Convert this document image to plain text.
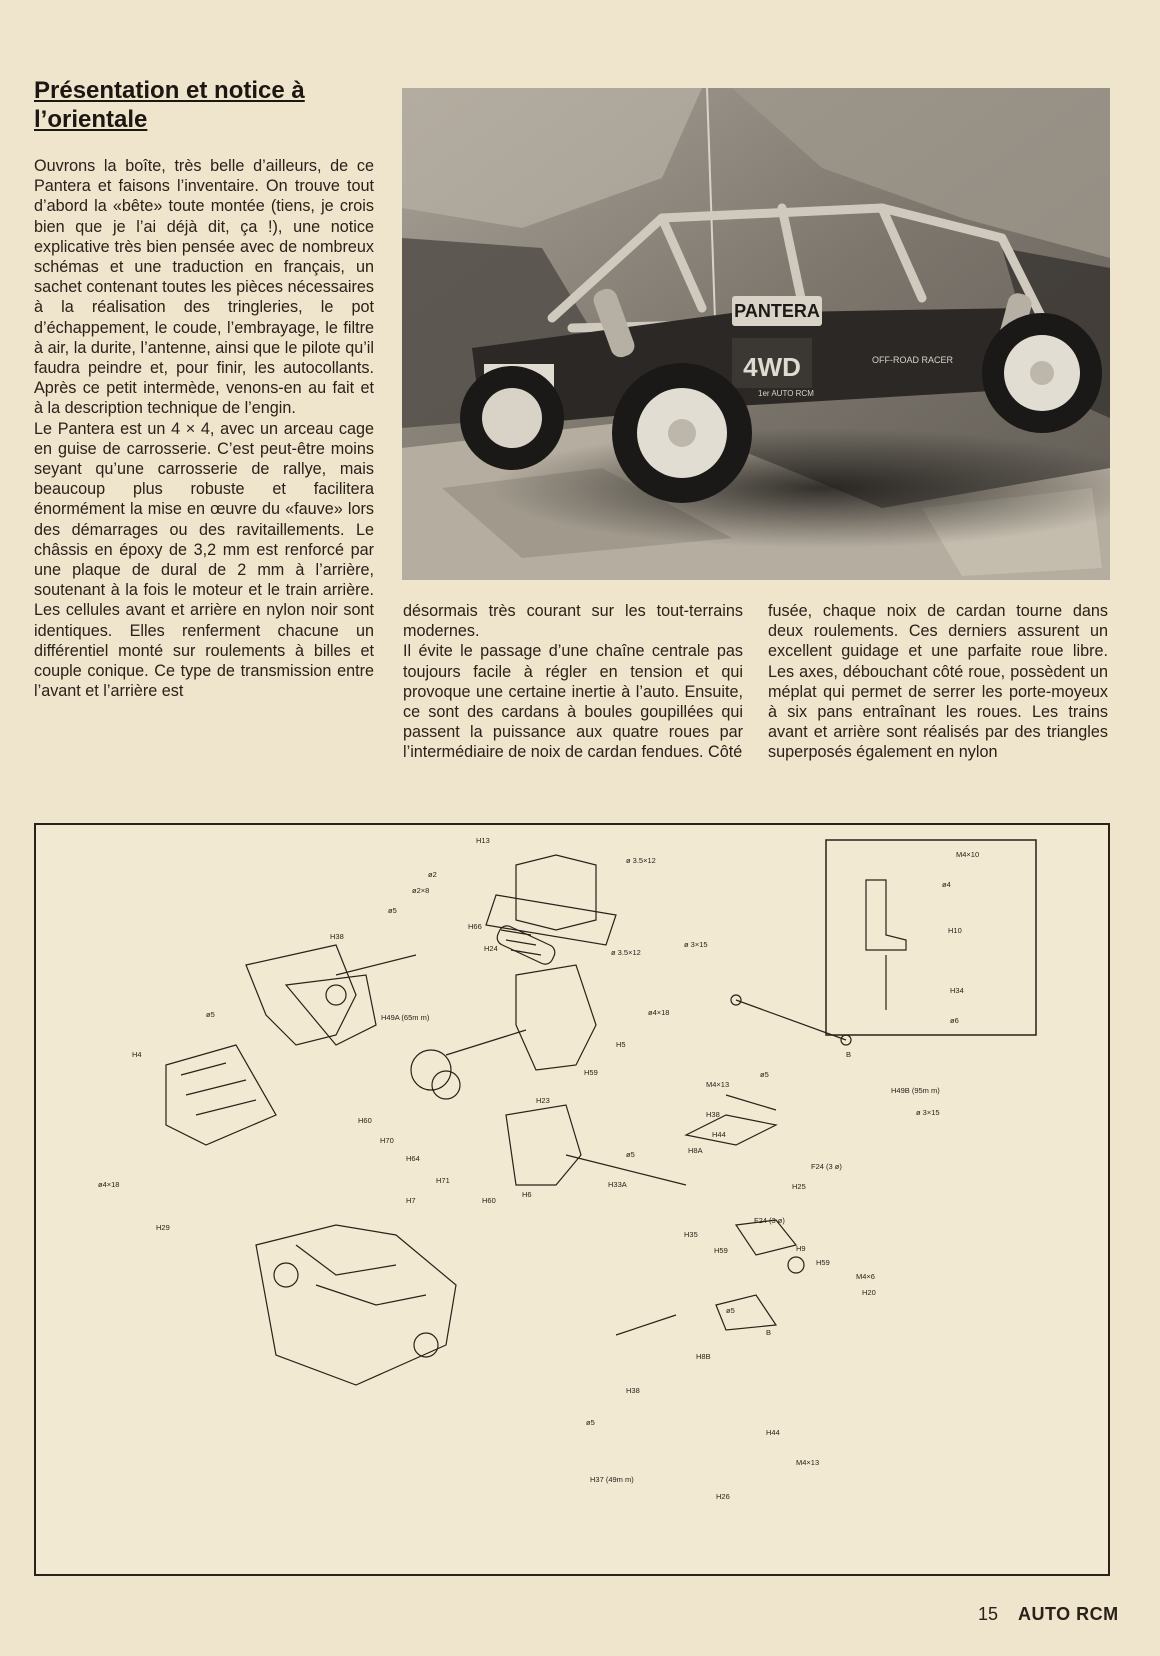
Présentation et notice à l’orientale

Ouvrons la boîte, très belle d’ailleurs, de ce Pantera et faisons l’inventaire. On trouve tout d’abord la «bête» toute montée (tiens, je crois bien que je l’ai déjà dit, ça !), une notice explicative très bien pensée avec de nombreux schémas et une traduction en français, un sachet contenant toutes les pièces nécessaires à la réalisation des tringleries, le pot d’échappement, le coude, l’embrayage, le filtre à air, la durite, l’antenne, ainsi que le pilote qu’il faudra peindre et, pour finir, les autocollants. Après ce petit intermède, venons-en au fait et à la description technique de l’engin.

Le Pantera est un 4 × 4, avec un arceau cage en guise de carrosserie. C’est peut-être moins seyant qu’une carrosserie de rallye, mais beaucoup plus robuste et facilitera énormément la mise en œuvre du «fauve» lors des démarrages ou des ravitaillements. Le châssis en époxy de 3,2 mm est renforcé par une plaque de dural de 2 mm à l’arrière, soutenant à la fois le moteur et le train arrière. Les cellules avant et arrière en nylon noir sont identiques. Elles renferment chacune un différentiel monté sur roulements à billes et couple conique. Ce type de transmission entre l’avant et l’arrière est

PANTERA
4WD	OFF-ROAD RACER
1er AUTO RCM

désormais très courant sur les tout-terrains modernes.

Il évite le passage d’une chaîne centrale pas toujours facile à régler en tension et qui provoque une certaine inertie à l’auto. Ensuite, ce sont des cardans à boules goupillées qui passent la puissance aux quatre roues par l’intermédiaire de noix de cardan fendues. Côté

fusée, chaque noix de cardan tourne dans deux roulements. Ces derniers assurent un excellent guidage et une parfaite roue libre. Les axes, débouchant côté roue, possèdent un méplat qui permet de serrer les porte-moyeux à six pans entraînant les roues. Les trains avant et arrière sont réalisés par des triangles superposés également en nylon

H13
ø 3.5×12
ø2
ø2×8
ø5
H66
H38
H24	ø 3.5×12
H49A (65m m)
ø4×18
H5
ø5
H4
H59
H23
H60
H70
H64
H71
H7	H60
H6
H29
ø4×18
M4×10
ø4
H10
H34
ø6
ø 3×15
B
H49B (95m m)
ø 3×15
M4×13
ø5
H38
H44
H8A
ø5
F24 (3 ø)
H25
H33A
F24 (3 ø)
H35
H59	H9
H59
M4×6
H20
B
ø5
H8B
H38
ø5
H44
M4×13
H37 (49m m)
H26
15 AUTO RCM
